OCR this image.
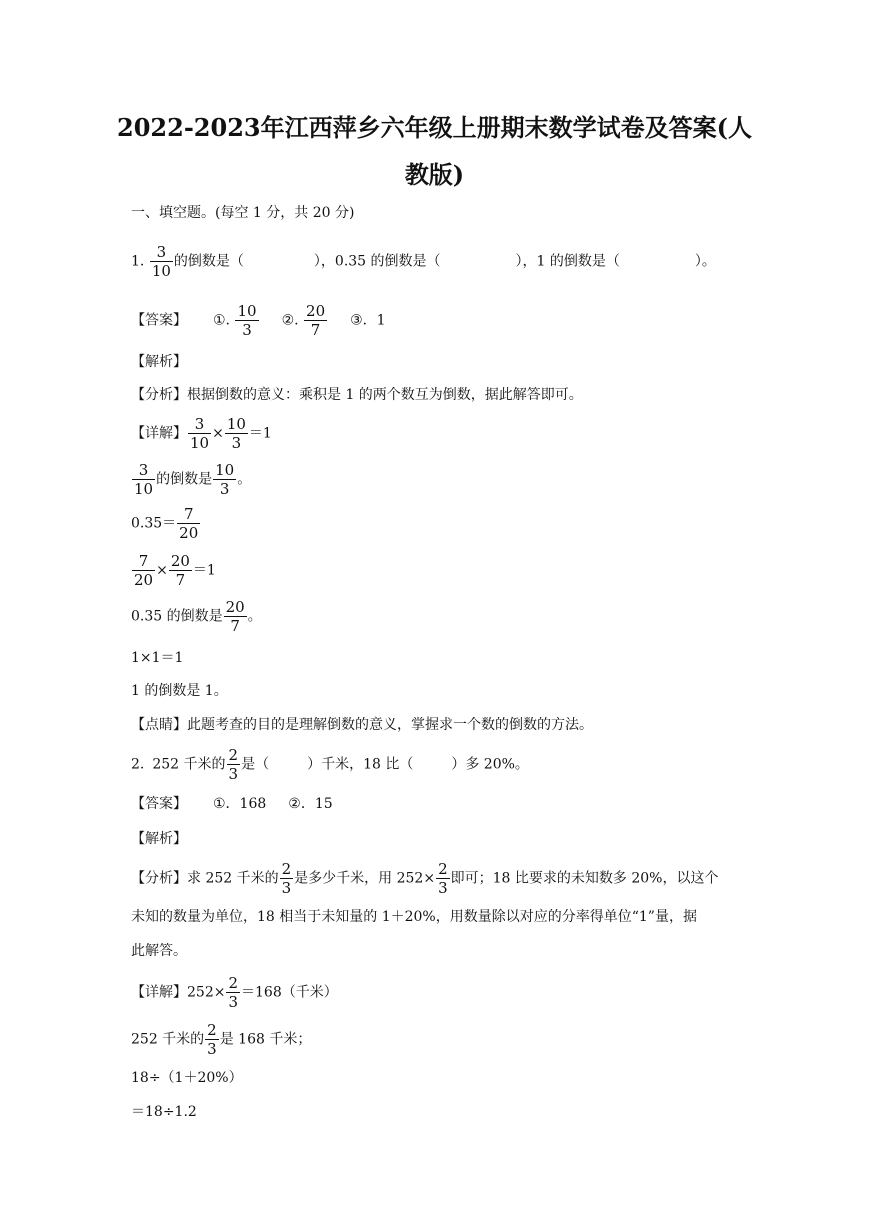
2022-2023年江西萍乡六年级上册期末数学试卷及答案(人
教版)
一、填空题。(每空 1 分，共 20 分)
1. $\frac{3}{10}$ 的倒数是（	），0.35 的倒数是（	），1 的倒数是（	）。
【答案】 ①. $\frac{10}{3}$ ②. $\frac{20}{7}$ ③．1
【解析】
【分析】根据倒数的意义：乘积是 1 的两个数互为倒数，据此解答即可。
【详解】 $\frac{3}{10} \times \frac{10}{3} =1$
$\frac{3}{10}$ 的倒数是 $\frac{10}{3}$ 。
$0.35= \frac{7}{20}$
$\frac{7}{20} \times \frac{20}{7} =1$
0.35 的倒数是 $\frac{20}{7}$ 。
1×1＝1
1 的倒数是 1。
【点睛】此题考查的目的是理解倒数的意义，掌握求一个数的倒数的方法。
2. 252 千米的 $\frac{2}{3}$ 是（	）千米，18 比（	）多 20%。
【答案】 ①．168 ②．15
【解析】
【分析】求 252 千米的 $\frac{2}{3}$ 是多少千米，用 $252\times \frac{2}{3}$ 即可；18 比要求的未知数多 20%，以这个
未知的数量为单位，18 相当于未知量的 1＋20%，用数量除以对应的分率得单位“1”量，据
此解答。
【详解】$252\times \frac{2}{3} =168$（千米）
252 千米的 $\frac{2}{3}$ 是 168 千米；
18÷（1＋20%）
＝18÷1.2
